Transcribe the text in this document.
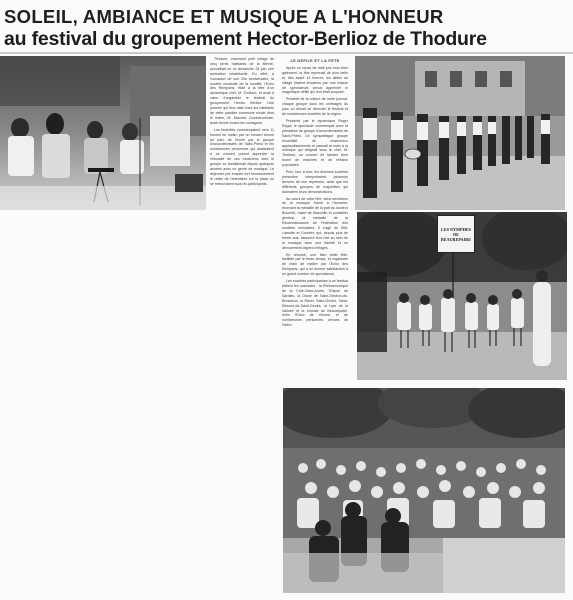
SOLEIL, AMBIANCE ET MUSIQUE A L'HONNEUR
au festival du groupement Hector-Berlioz de Thodure

Thodure, charmant petit village de cinq cents habitants de la Bièvre, accueillait en ce dimanche 25 juin une animation inhabituelle. En effet, à l'occasion de son 20e anniversaire, la société musicale de la localité, l'Echo des Remparts, était a la tête d'un dynamique chef, M. Thollard, et avait à cœur d'organiser le festival du groupement Hector Berlioz. Une journée qui fera date chez les habitants de cette paisible commune rurale dont le maire, M. Maurice Combaruchiale, avait donné toutes les consignes.

Les festivités commençaient vers 11 heures du matin, par un concert donné au parc de l'école par le groupe d'accordéonistes de Saint-Priest et les nombreuses personnes qui assistaient à ce concert purent apprécier la virtuosité de ces musiciens dont le groupe se familiarisait depuis quelques années avec ce genre de musique. Le déjeuner prit ensuite fort heureusement le relais de l'animation sur la place où se retrouvaient tous les participants.

LE DEFILE ET LA FETE

Après un repas de midi pris tous bien gaiement, la fête reprenait de plus belle et, dès avant 14 heures, les allées du village étaient envahies par une masse de spectateurs venus apprécier le magnifique défilé qui leur était proposé.

Précédé de la voiture de notre journal, chaque groupe sous les ombrages du parc où devait se dérouler le festival et de nombreuses sociétés de la région.

Présenté par le dynamique Roger Regol, le spectacle commençait avec la prestation du groupe d'accordéonistes de Saint-Priest. Ce sympathique groupe recueillait de chaleureux applaudissements et passait la main à la musique qui dirigeait sous le chef, M. Thollard, un concert de fanfare bien fourni de marches et de refrains populaires.

Puis, tour à tour, les diverses sociétés présentes interprétaient plusieurs œuvres de leur répertoire, ainsi que les différents groupes de majorettes qui donnaient leurs démonstrations.

Au cours de cette fête, deux serviteurs de la musique furent à l'honneur, recevant la médaille de la part du docteur Bouchet, maire de Marcollin et conseiller général, la médaille de la Reconnaissance de Fédération des sociétés musicales. Il s'agit de MM. Lamotte et Courrier, qui, depuis plus de trente ans, assurent leur rôle au sein de la musique avec une fidélité et un dévouement dignes d'éloges.

En résumé, une bien belle fête, facilitée par le beau temps, et organisée de main de maître par l'Echo des Remparts, qui a su donner satisfaction à un grand nombre de spectateurs.

Les sociétés participantes à ce festival étaient les suivantes : la Philharmonique de la Côte-Saint-André, l'Espoir de Sardieu, la Diane de Saint-Siméon-de-Bressieux, la Ravel, Saint-Geoirs, Saint-Etienne-de-Saint-Geoirs, la Lyre de la Valloire et la chorale de Beaurepaire, enfin l'Echo de Vienne, et de nombreuses personnes venues de l'Isère.

LES NYMPHES DE BEAUREPAIRE
